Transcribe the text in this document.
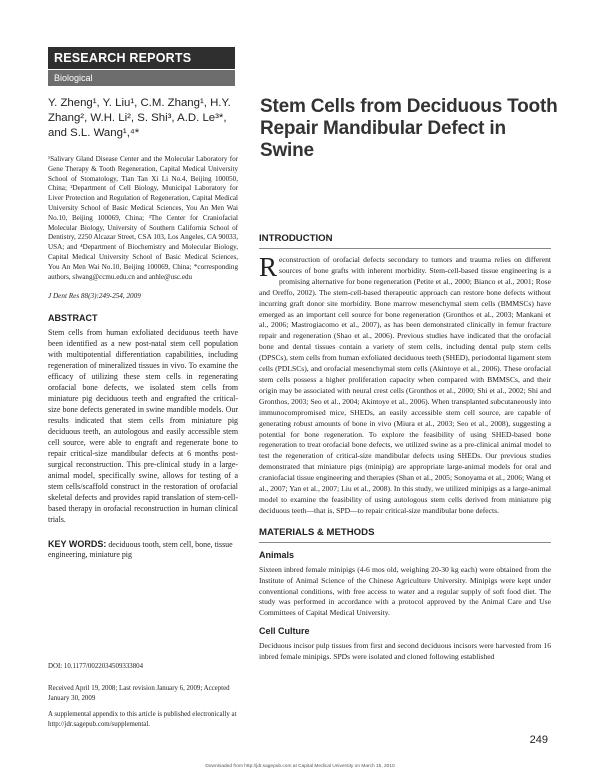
RESEARCH REPORTS
Biological
Y. Zheng¹, Y. Liu¹, C.M. Zhang¹, H.Y. Zhang², W.H. Li², S. Shi³, A.D. Le³*, and S.L. Wang¹,⁴*
¹Salivary Gland Disease Center and the Molecular Laboratory for Gene Therapy & Tooth Regeneration, Capital Medical University School of Stomatology, Tian Tan Xi Li No.4, Beijing 100050, China; ²Department of Cell Biology, Municipal Laboratory for Liver Protection and Regulation of Regeneration, Capital Medical University School of Basic Medical Sciences, You An Men Wai No.10, Beijing 100069, China; ³The Center for Craniofacial Molecular Biology, University of Southern California School of Dentistry, 2250 Alcazar Street, CSA 103, Los Angeles, CA 90033, USA; and ⁴Department of Biochemistry and Molecular Biology, Capital Medical University School of Basic Medical Sciences, You An Men Wai No.10, Beijing 100069, China; *corresponding authors, slwang@ccmu.edu.cn and anhle@usc.edu
J Dent Res 88(3):249-254, 2009
ABSTRACT
Stem cells from human exfoliated deciduous teeth have been identified as a new post-natal stem cell population with multipotential differentiation capabilities, including regeneration of mineralized tissues in vivo. To examine the efficacy of utilizing these stem cells in regenerating orofacial bone defects, we isolated stem cells from miniature pig deciduous teeth and engrafted the critical-size bone defects generated in swine mandible models. Our results indicated that stem cells from miniature pig deciduous teeth, an autologous and easily accessible stem cell source, were able to engraft and regenerate bone to repair critical-size mandibular defects at 6 months post-surgical reconstruction. This pre-clinical study in a large-animal model, specifically swine, allows for testing of a stem cells/scaffold construct in the restoration of orofacial skeletal defects and provides rapid translation of stem-cell-based therapy in orofacial reconstruction in human clinical trials.
KEY WORDS: deciduous tooth, stem cell, bone, tissue engineering, miniature pig
DOI: 10.1177/0022034509333804
Received April 19, 2008; Last revision January 6, 2009; Accepted January 30, 2009
A supplemental appendix to this article is published electronically at http://jdr.sagepub.com/supplemental.
Stem Cells from Deciduous Tooth Repair Mandibular Defect in Swine
INTRODUCTION

Reconstruction of orofacial defects secondary to tumors and trauma relies on different sources of bone grafts with inherent morbidity. Stem-cell-based tissue engineering is a promising alternative for bone regeneration (Petite et al., 2000; Bianco et al., 2001; Rose and Oreffo, 2002). The stem-cell-based therapeutic approach can restore bone defects without incurring graft donor site morbidity. Bone marrow mesenchymal stem cells (BMMSCs) have emerged as an important cell source for bone regeneration (Gronthos et al., 2003; Mankani et al., 2006; Mastrogiacomo et al., 2007), as has been demonstrated clinically in femur fracture repair and regeneration (Shao et al., 2006). Previous studies have indicated that the orofacial bone and dental tissues contain a variety of stem cells, including dental pulp stem cells (DPSCs), stem cells from human exfoliated deciduous teeth (SHED), periodontal ligament stem cells (PDLSCs), and orofacial mesenchymal stem cells (Akintoye et al., 2006). These orofacial stem cells possess a higher proliferation capacity when compared with BMMSCs, and their origin may be associated with neural crest cells (Gronthos et al., 2000; Shi et al., 2002; Shi and Gronthos, 2003; Seo et al., 2004; Akintoye et al., 2006). When transplanted subcutaneously into immunocompromised mice, SHEDs, an easily accessible stem cell source, are capable of generating robust amounts of bone in vivo (Miura et al., 2003; Seo et al., 2008), suggesting a potential for bone regeneration. To explore the feasibility of using SHED-based bone regeneration to treat orofacial bone defects, we utilized swine as a pre-clinical animal model to test the regeneration of critical-size mandibular defects using SHEDs. Our previous studies demonstrated that miniature pigs (minipig) are appropriate large-animal models for oral and craniofacial tissue engineering and therapies (Shan et al., 2005; Sonoyama et al., 2006; Wang et al., 2007; Yan et al., 2007; Liu et al., 2008). In this study, we utilized minipigs as a large-animal model to examine the feasibility of using autologous stem cells derived from miniature pig deciduous teeth—that is, SPD—to repair critical-size mandibular bone defects.

MATERIALS & METHODS
Animals

Sixteen inbred female minipigs (4-6 mos old, weighing 20-30 kg each) were obtained from the Institute of Animal Science of the Chinese Agriculture University. Minipigs were kept under conventional conditions, with free access to water and a regular supply of soft food diet. The study was performed in accordance with a protocol approved by the Animal Care and Use Committees of Capital Medical University.

Cell Culture

Deciduous incisor pulp tissues from first and second deciduous incisors were harvested from 16 inbred female minipigs. SPDs were isolated and cloned following established

249
Downloaded from http://jdr.sagepub.com at Capital Medical University on March 15, 2010
